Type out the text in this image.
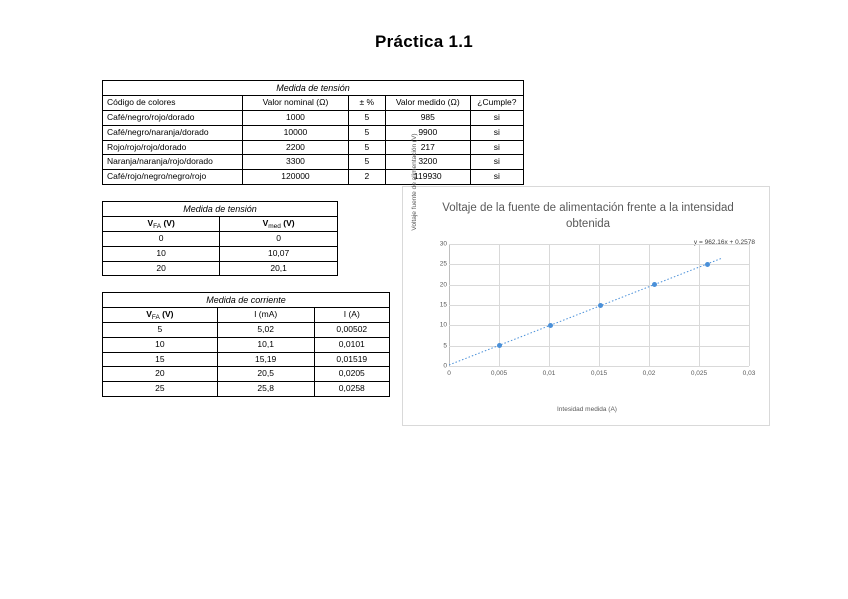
Práctica 1.1
Medida de tensión				
Código de colores	Valor nominal (Ω)	± %	Valor medido (Ω)	¿Cumple?
Café/negro/rojo/dorado	1000	5	985	si
Café/negro/naranja/dorado	10000	5	9900	si
Rojo/rojo/rojo/dorado	2200	5	217	si
Naranja/naranja/rojo/dorado	3300	5	3200	si
Café/rojo/negro/negro/rojo	120000	2	119930	si
Medida de tensión	
$V_{FA}$ (V)	$V_{med}$ (V)
0	0
10	10,07
20	20,1
Medida de corriente		
$V_{FA}$ (V)	I (mA)	I (A)
5	5,02	0,00502
10	10,1	0,0101
15	15,19	0,01519
20	20,5	0,0205
25	25,8	0,0258
Voltaje de la fuente de alimentación frente a la intensidad obtenida
y = 962,16x + 0,2578
Voltaje fuente de alimentación (V)
Intesidad medida (A)
0
5
10
15
20
25
30
0	0,005	0,01	0,015	0,02	0,025	0,03
